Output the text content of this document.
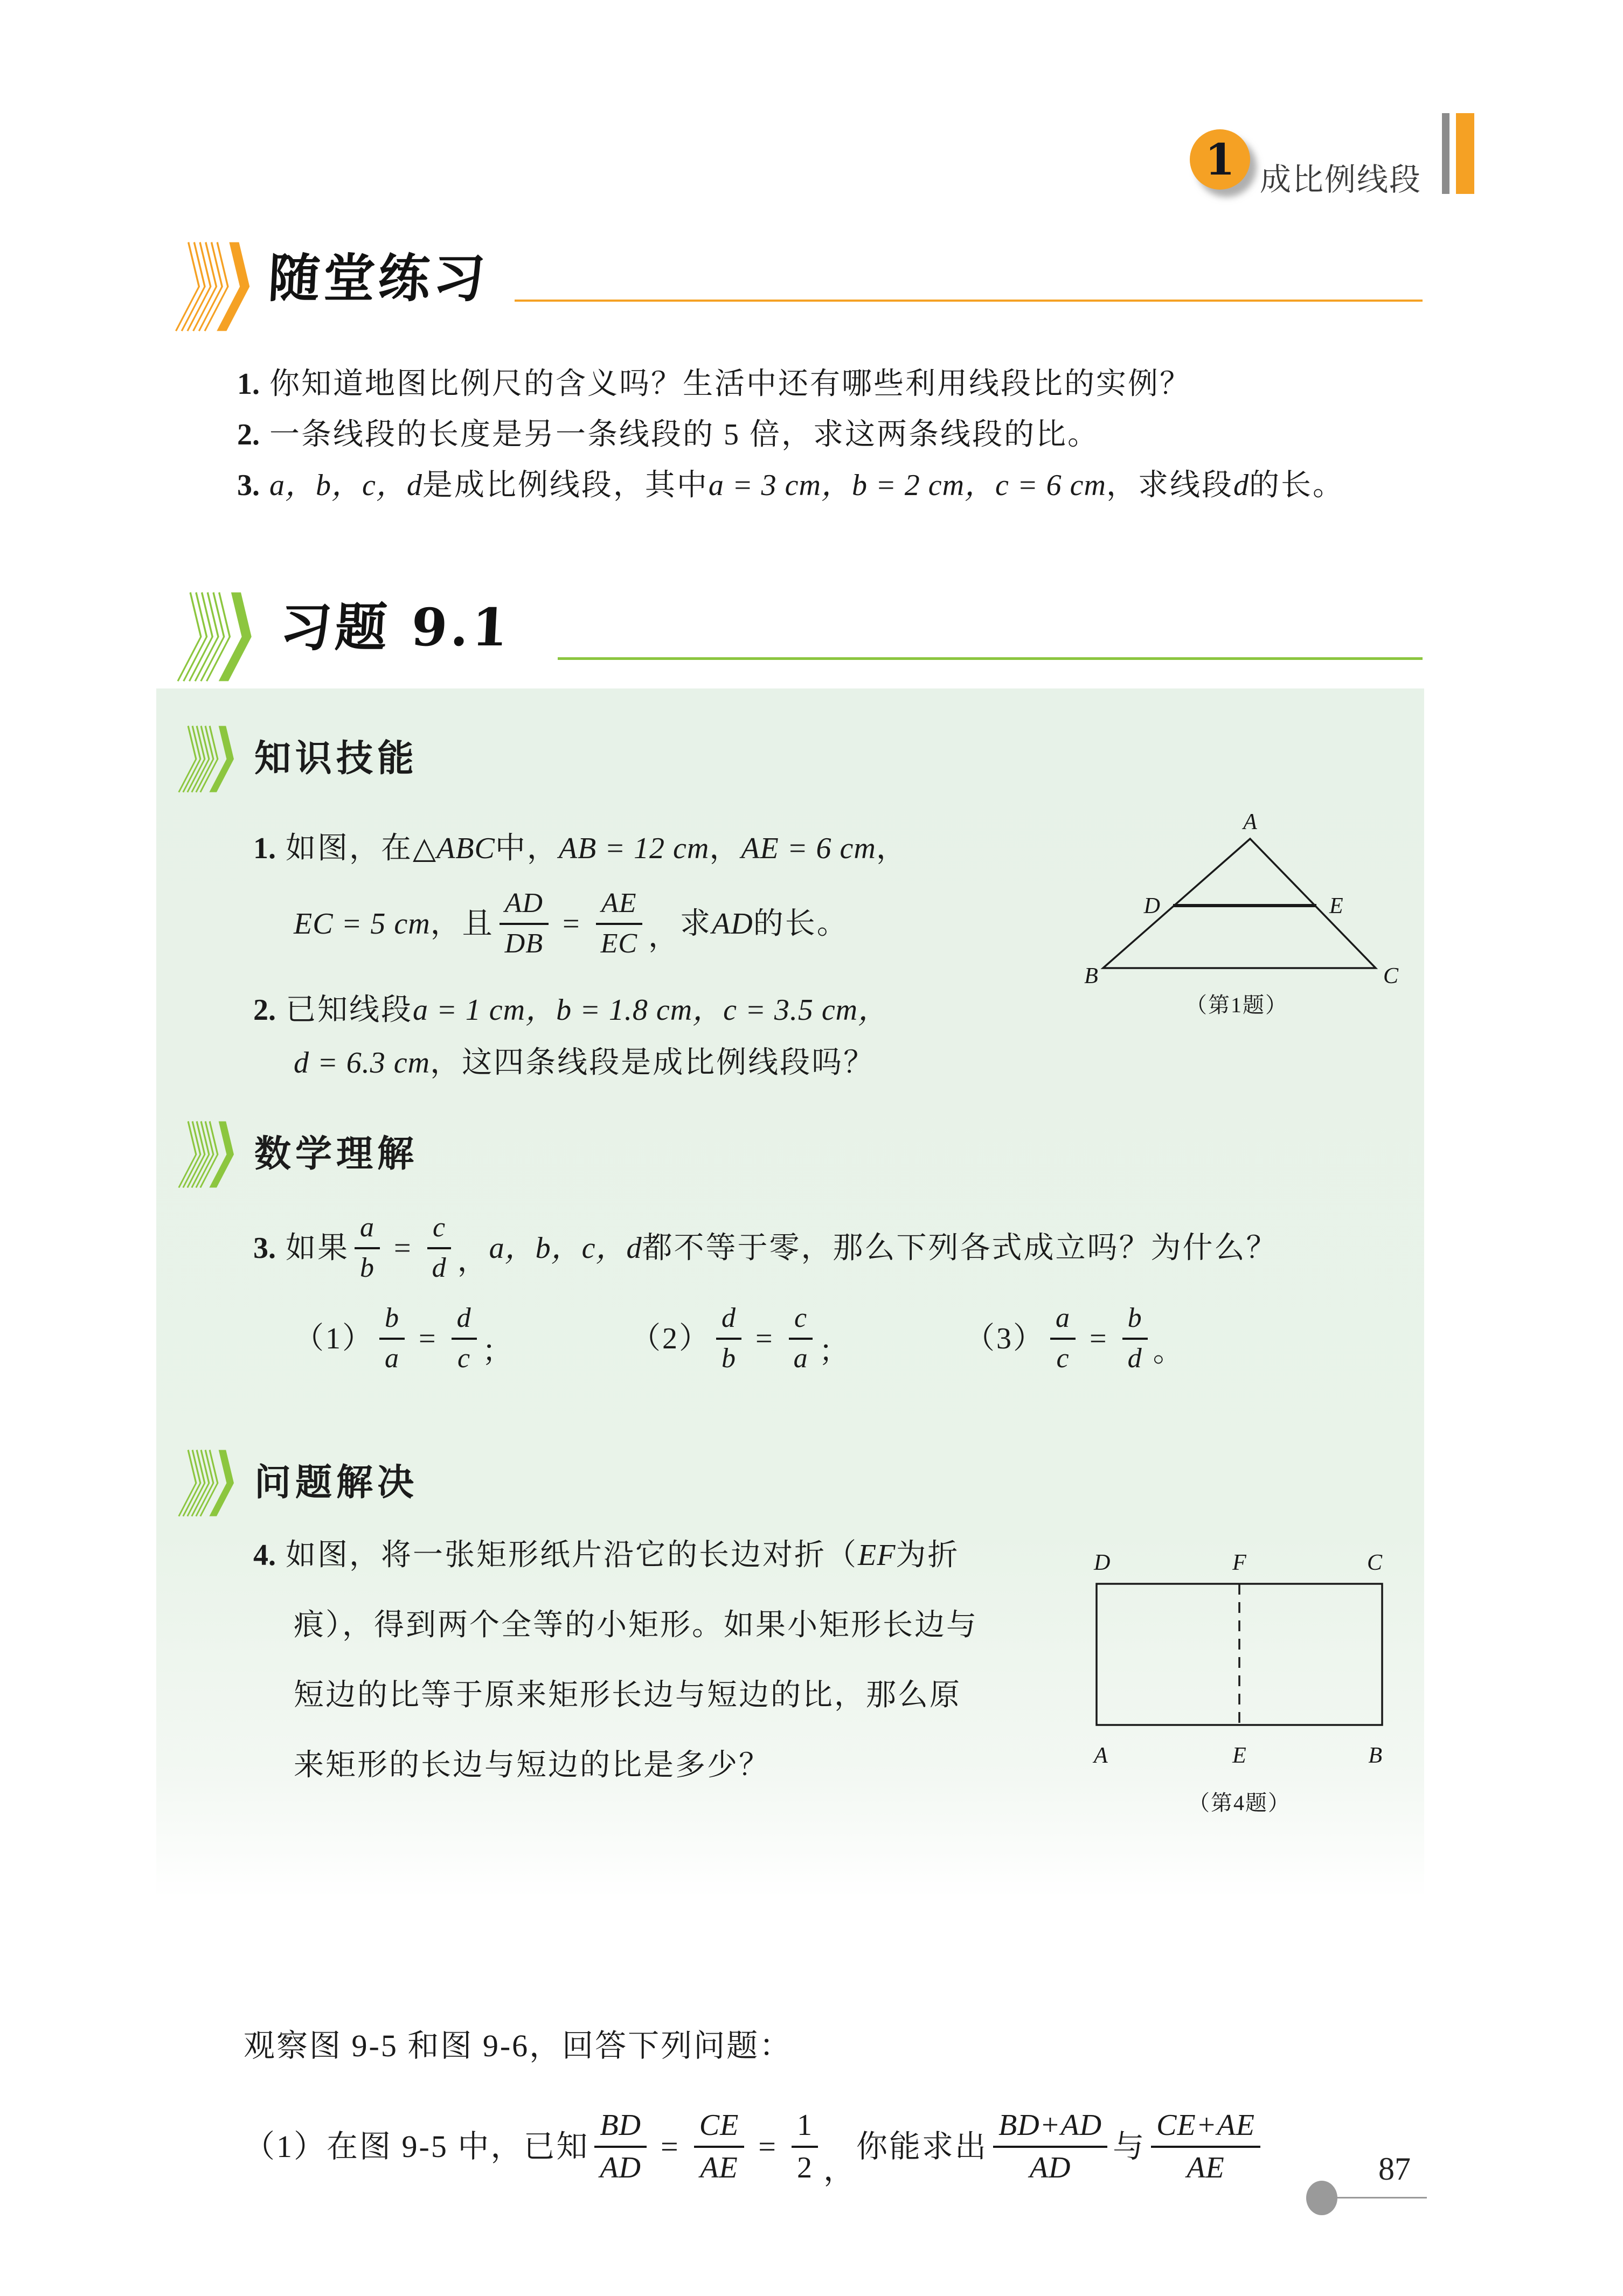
1 成比例线段
随堂练习
1. 你知道地图比例尺的含义吗？生活中还有哪些利用线段比的实例？
2. 一条线段的长度是另一条线段的 5 倍，求这两条线段的比。
3. a，b，c，d 是成比例线段，其中 a = 3 cm，b = 2 cm，c = 6 cm ，求线段 d 的长。
习题 9.1
知识技能
1. 如图，在 △ABC 中， AB = 12 cm ， AE = 6 cm ，
EC = 5 cm ，且 $\frac{AD}{DB} = \frac{AE}{EC}$ ， 求 AD 的长。
A
B	C
D	E
（第1题）
2. 已知线段 a = 1 cm，b = 1.8 cm，c = 3.5 cm，
d = 6.3 cm ，这四条线段是成比例线段吗？
数学理解
3. 如果 $\frac{a}{b} = \frac{c}{d}$ ， a，b，c，d 都不等于零，那么下列各式成立吗？为什么？
$(1) \frac{b}{a} = \frac{d}{c}$ ；	$(2) \frac{d}{b} = \frac{c}{a}$ ；	$(3) \frac{a}{c} = \frac{b}{d}$ 。
问题解决
4. 如图，将一张矩形纸片沿它的长边对折（ EF 为折
痕），得到两个全等的小矩形。如果小矩形长边与
短边的比等于原来矩形长边与短边的比，那么原
来矩形的长边与短边的比是多少？
D	F	C
A	E	B
（第4题）
观察图 9-5 和图 9-6，回答下列问题：
（1） 在图 9-5 中，已知 $\frac{BD}{AD} = \frac{CE}{AE} = \frac{1}{2}$ ，
你能求出 $\frac{BD+AD}{AD}$ 与 $\frac{CE+AE}{AE}$	87
